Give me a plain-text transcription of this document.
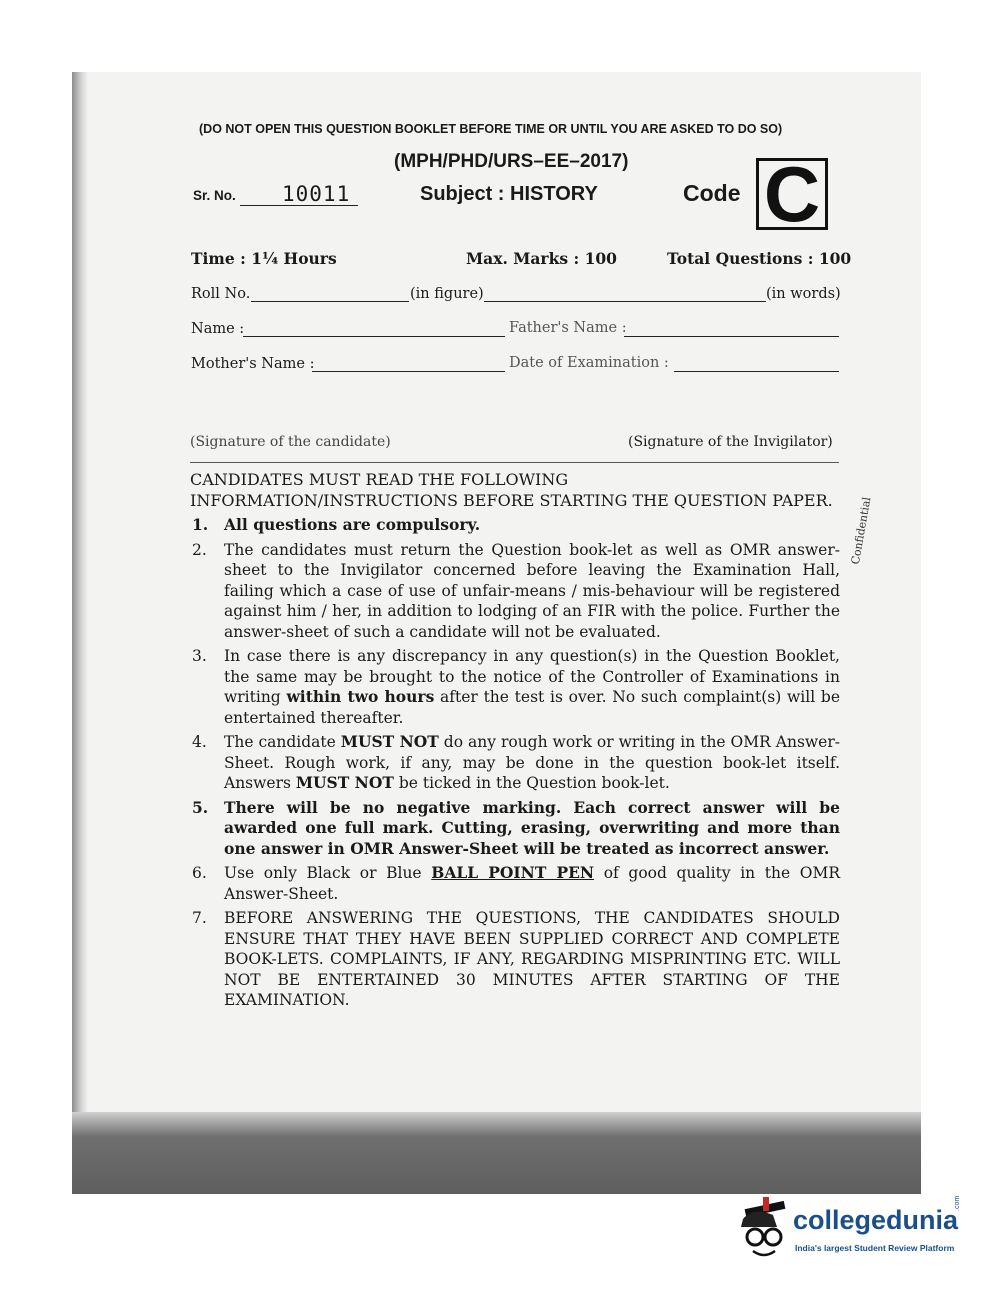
(DO NOT OPEN THIS QUESTION BOOKLET BEFORE TIME OR UNTIL YOU ARE ASKED TO DO SO)
(MPH/PHD/URS–EE–2017)
Sr. No. 10011	Subject : HISTORY	Code C
Time : 1¼ Hours	Max. Marks : 100	Total Questions : 100
Roll No.	(in figure)	(in words)
Name :	Father's Name :
Mother's Name :	Date of Examination :
(Signature of the candidate)	(Signature of the Invigilator)
CANDIDATES MUST READ THE FOLLOWING INFORMATION/INSTRUCTIONS BEFORE STARTING THE QUESTION PAPER.
1. All questions are compulsory.
2. The candidates must return the Question book-let as well as OMR answer-sheet to the Invigilator concerned before leaving the Examination Hall, failing which a case of use of unfair-means / mis-behaviour will be registered against him / her, in addition to lodging of an FIR with the police. Further the answer-sheet of such a candidate will not be evaluated.
3. In case there is any discrepancy in any question(s) in the Question Booklet, the same may be brought to the notice of the Controller of Examinations in writing within two hours after the test is over. No such complaint(s) will be entertained thereafter.
4. The candidate MUST NOT do any rough work or writing in the OMR Answer-Sheet. Rough work, if any, may be done in the question book-let itself. Answers MUST NOT be ticked in the Question book-let.
5. There will be no negative marking. Each correct answer will be awarded one full mark. Cutting, erasing, overwriting and more than one answer in OMR Answer-Sheet will be treated as incorrect answer.
6. Use only Black or Blue BALL POINT PEN of good quality in the OMR Answer-Sheet.
7. BEFORE ANSWERING THE QUESTIONS, THE CANDIDATES SHOULD ENSURE THAT THEY HAVE BEEN SUPPLIED CORRECT AND COMPLETE BOOK-LETS. COMPLAINTS, IF ANY, REGARDING MISPRINTING ETC. WILL NOT BE ENTERTAINED 30 MINUTES AFTER STARTING OF THE EXAMINATION.
Confidential
collegedunia
.com
India's largest Student Review Platform
